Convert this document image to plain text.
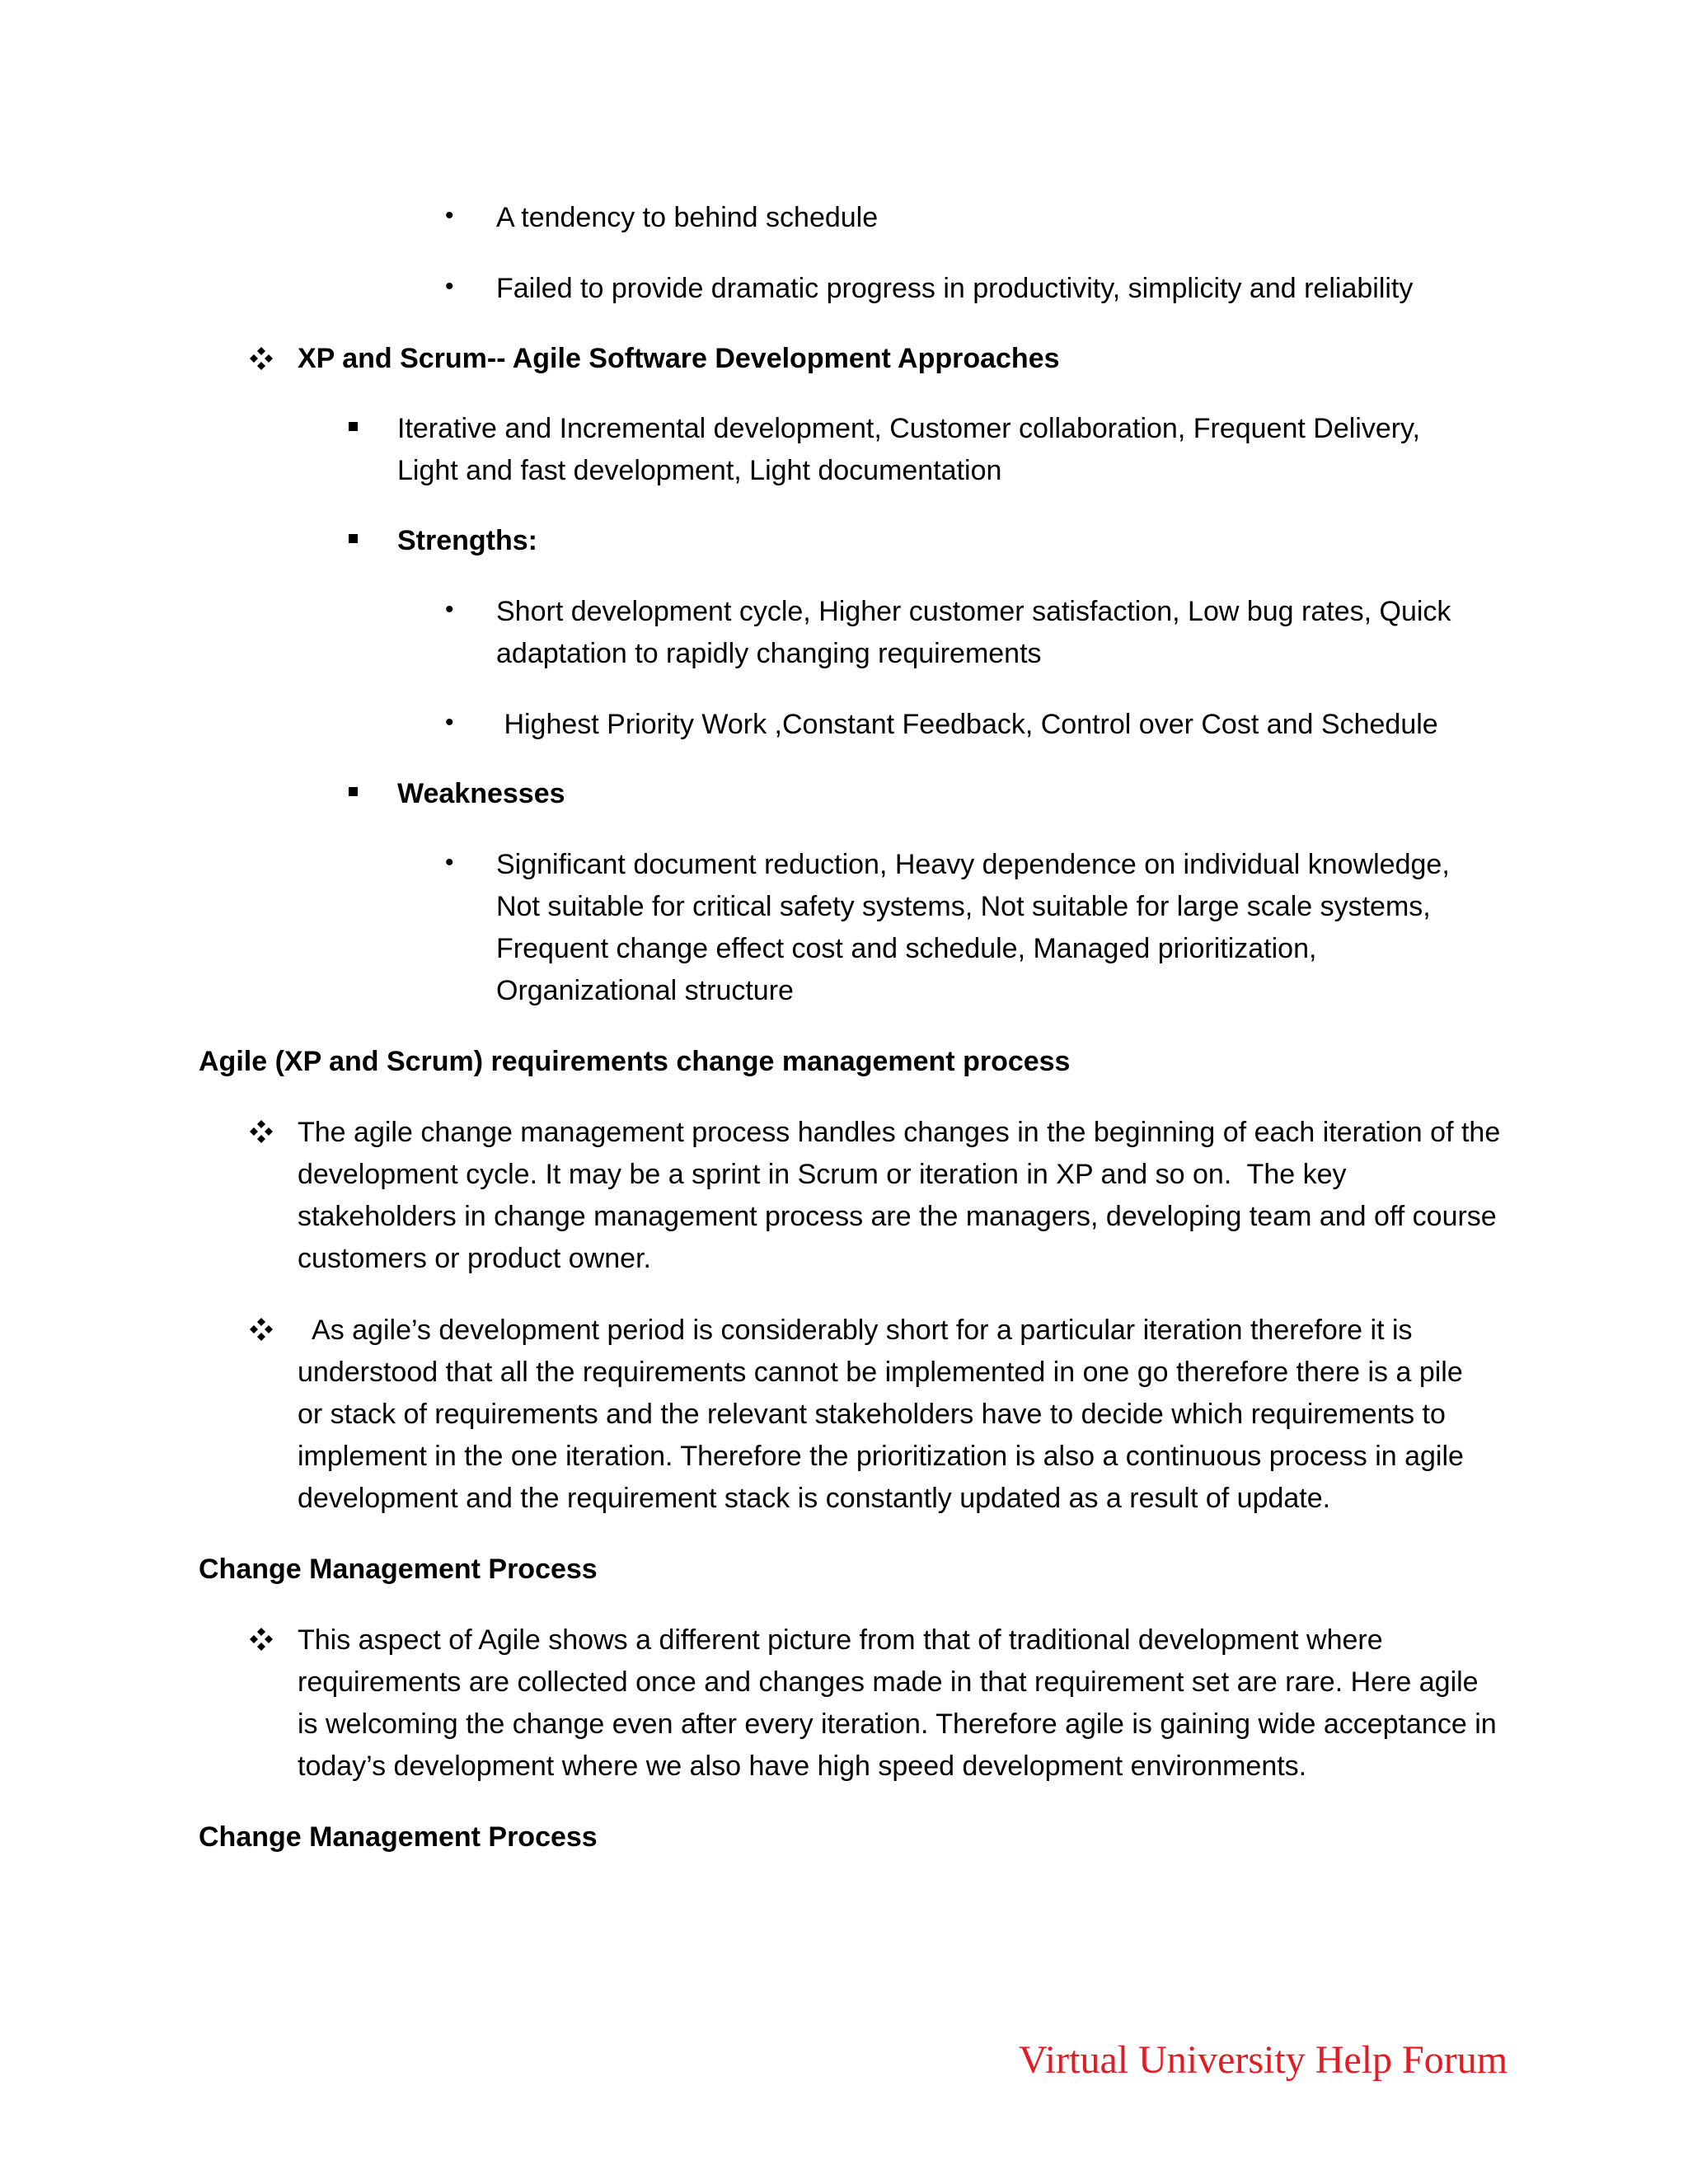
• A tendency to behind schedule
• Failed to provide dramatic progress in productivity, simplicity and reliability
XP and Scrum-- Agile Software Development Approaches
Iterative and Incremental development, Customer collaboration, Frequent Delivery,
Light and fast development, Light documentation
Strengths:
• Short development cycle, Higher customer satisfaction, Low bug rates, Quick
adaptation to rapidly changing requirements
• Highest Priority Work ,Constant Feedback, Control over Cost and Schedule
Weaknesses
• Significant document reduction, Heavy dependence on individual knowledge,
Not suitable for critical safety systems, Not suitable for large scale systems,
Frequent change effect cost and schedule, Managed prioritization,
Organizational structure
Agile (XP and Scrum) requirements change management process
The agile change management process handles changes in the beginning of each iteration of the
development cycle. It may be a sprint in Scrum or iteration in XP and so on.  The key
stakeholders in change management process are the managers, developing team and off course
customers or product owner.
As agile’s development period is considerably short for a particular iteration therefore it is
understood that all the requirements cannot be implemented in one go therefore there is a pile
or stack of requirements and the relevant stakeholders have to decide which requirements to
implement in the one iteration. Therefore the prioritization is also a continuous process in agile
development and the requirement stack is constantly updated as a result of update.
Change Management Process
This aspect of Agile shows a different picture from that of traditional development where
requirements are collected once and changes made in that requirement set are rare. Here agile
is welcoming the change even after every iteration. Therefore agile is gaining wide acceptance in
today’s development where we also have high speed development environments.
Change Management Process
Virtual University Help Forum
